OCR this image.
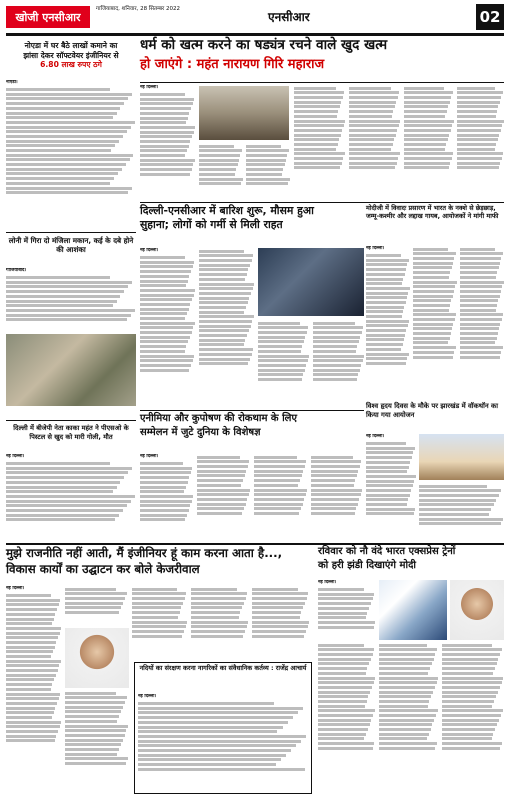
खोजी एनसीआर
गाजियाबाद, शनिवार, 28 सितम्बर 2022
एनसीआर	02
नोएडा में घर बैठे लाखों कमाने का
झांसा देकर सॉफ्टवेयर इंजीनियर से
6.80 लाख रुपए ठगे
नोएडा।
लोनी में गिरा दो मंजिला मकान, कई के दबे होने की आशंका
गाजियाबाद।
दिल्ली में बीजेपी नेता काका महंत ने पीएसओ के पिस्टल से खुद को मारी गोली, मौत
नई दिल्ली।
धर्म को खत्म करने का षड्यंत्र रचने वाले खुद खत्म
हो जाएंगे : महंत नारायण गिरि महाराज
नई दिल्ली।
दिल्ली-एनसीआर में बारिश शुरू, मौसम हुआ
सुहाना; लोगों को गर्मी से मिली राहत
नई दिल्ली।
मोदीजी में विवादः प्रसारण में भारत के नक्शे से छेड़छाड़, जम्मू-कश्मीर और लद्दाख गायब, आयोजकों ने मांगी माफी
नई दिल्ली।
एनीमिया और कुपोषण की रोकथाम के लिए
सम्मेलन में जुटे दुनिया के विशेषज्ञ
नई दिल्ली।
विश्व हृदय दिवस के मौके पर झारखंड में वॉकथॉन का किया गया आयोजन
नई दिल्ली।
मुझे राजनीति नहीं आती, मैं इंजीनियर हूं काम करना आता है...,
विकास कार्यों का उद्घाटन कर बोले केजरीवाल
नई दिल्ली।
नदियों का संरक्षण करना नागरिकों का संवैधानिक कर्तव्य : राजेंद्र आचार्य
नई दिल्ली।
रविवार को नौ वंदे भारत एक्सप्रेस ट्रेनों
को हरी झंडी दिखाएंगे मोदी
नई दिल्ली।
